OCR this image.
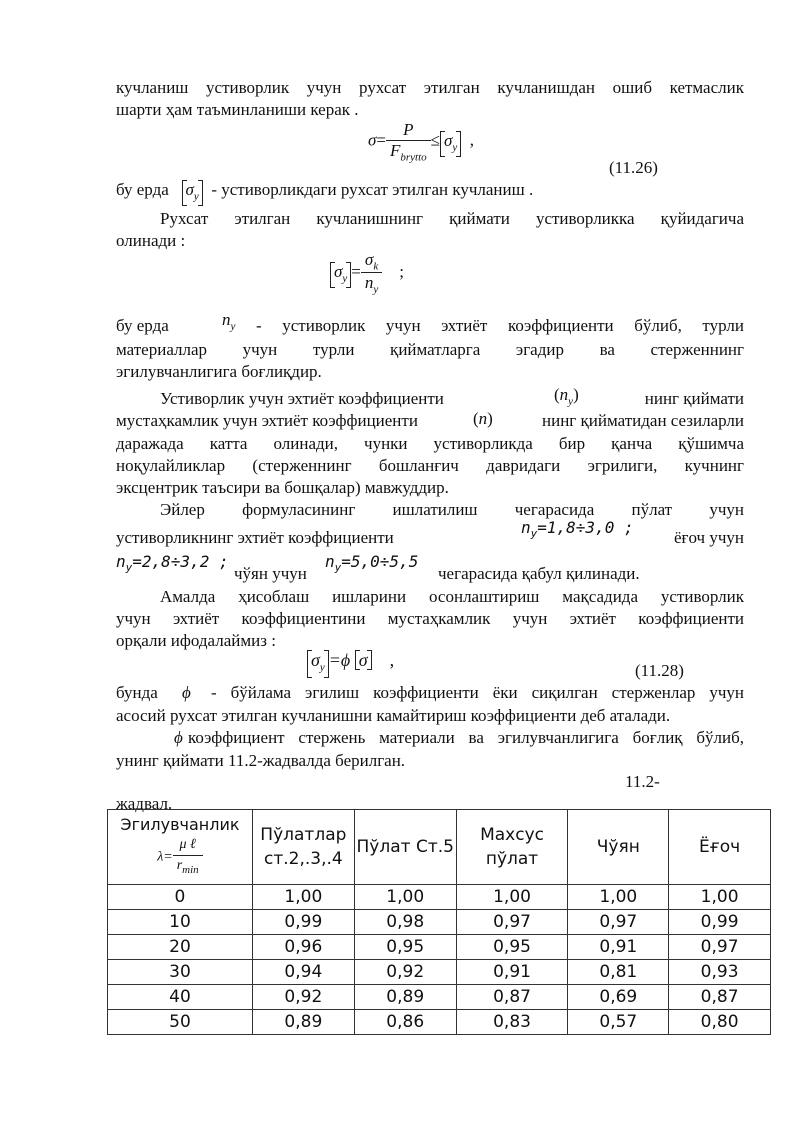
кучланиш устиворлик учун рухсат этилган кучланишдан ошиб кетмаслик
шарти ҳам таъминланиши керак .
$\sigma= \frac{P}{F_{brytto}} \le \sigma_y$ ,
(11.26)
бу ерда   $\sigma_y$ - устиворликдаги рухсат этилган кучланиш .
Рухсат этилган кучланишнинг қиймати устиворликка қуйидагича
олинади :
$\sigma_y = \frac{\sigma_k}{n_y}$ ;
бу ерда	$n_y$ - устиворлик учун эхтиёт коэффициенти бўлиб, турли
материаллар учун турли қийматларга эгадир ва стерженнинг
эгилувчанлигига боғлиқдир.
Устиворлик учун эхтиёт коэффициенти	$(n_y)$	нинг қиймати
мустаҳкамлик учун эхтиёт коэффициенти	(n)	нинг қийматидан сезиларли
даражада катта олинади, чунки устиворликда бир қанча қўшимча
ноқулайликлар (стерженнинг бошланғич давридаги эгрилиги, кучнинг
эксцентрик таъсири ва бошқалар) мавжуддир.
Эйлер формуласининг ишлатилиш чегарасида пўлат учун
устиворликнинг эхтиёт коэффициенти
$n_y=1,8\div 3,0$ ;
ёғоч учун
$n_y=2,8\div 3,2$ ;
чўян учун
$n_y=5,0\div 5,5$
чегарасида қабул қилинади.
Амалда ҳисоблаш ишларини осонлаштириш мақсадида устиворлик
учун эхтиёт коэффициентини мустаҳкамлик учун эхтиёт коэффициенти
орқали ифодалаймиз :
$\sigma_y =\phi$ σ ,
(11.28)
бунда ϕ - бўйлама эгилиш коэффициенти ёки сиқилган стерженлар учун
асосий рухсат этилган кучланишни камайтириш коэффициенти деб аталади.
ϕ коэффициент стержень материали ва эгилувчанлигига боғлиқ бўлиб,
унинг қиймати 11.2-жадвалда берилган.
11.2-
жадвал.
Эгилувчанлик
$\lambda= \frac{\text{μ ℓ}}{r_{min}}$	Пўлатлар ст.2,.3,.4	Пўлат Ст.5	Махсус пўлат	Чўян	Ёғоч
0	1,00	1,00	1,00	1,00	1,00
10	0,99	0,98	0,97	0,97	0,99
20	0,96	0,95	0,95	0,91	0,97
30	0,94	0,92	0,91	0,81	0,93
40	0,92	0,89	0,87	0,69	0,87
50	0,89	0,86	0,83	0,57	0,80
